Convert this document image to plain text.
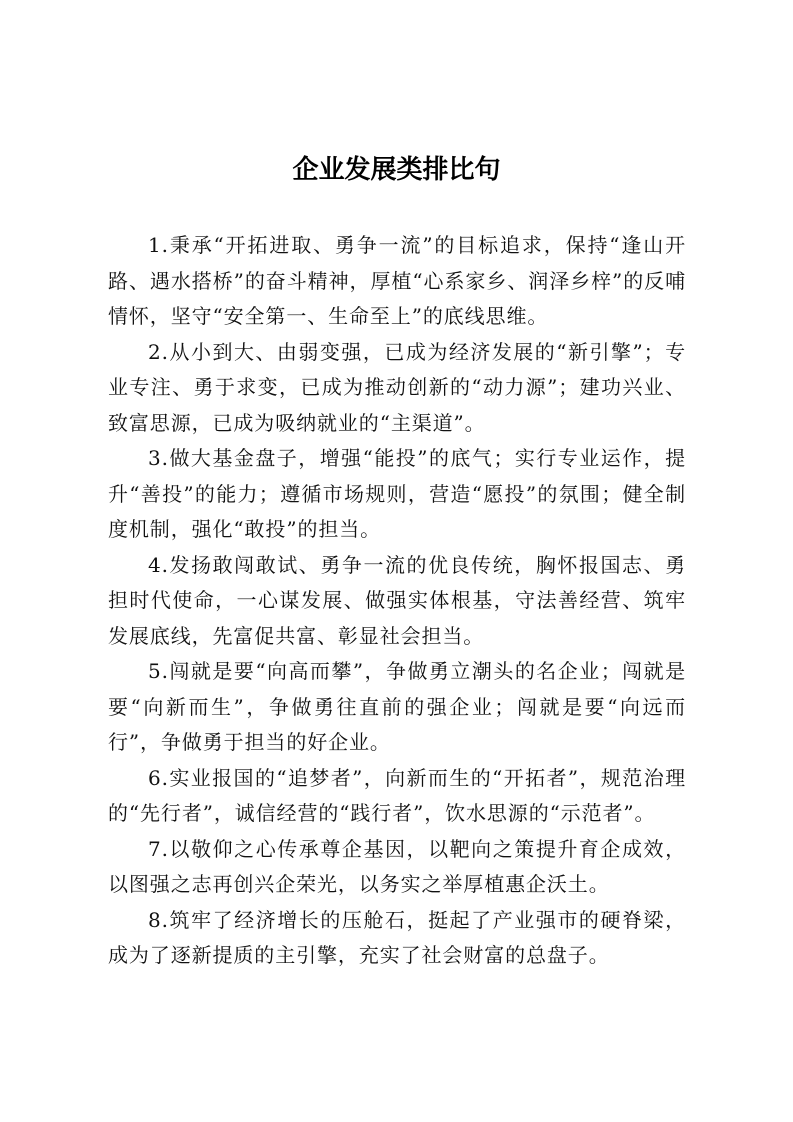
企业发展类排比句

1.秉承“开拓进取、勇争一流”的目标追求，保持“逢山开路、遇水搭桥”的奋斗精神，厚植“心系家乡、润泽乡梓”的反哺情怀，坚守“安全第一、生命至上”的底线思维。

2.从小到大、由弱变强，已成为经济发展的“新引擎”；专业专注、勇于求变，已成为推动创新的“动力源”；建功兴业、致富思源，已成为吸纳就业的“主渠道”。

3.做大基金盘子，增强“能投”的底气；实行专业运作，提升“善投”的能力；遵循市场规则，营造“愿投”的氛围；健全制度机制，强化“敢投”的担当。

4.发扬敢闯敢试、勇争一流的优良传统，胸怀报国志、勇担时代使命，一心谋发展、做强实体根基，守法善经营、筑牢发展底线，先富促共富、彰显社会担当。

5.闯就是要“向高而攀”，争做勇立潮头的名企业；闯就是要“向新而生”，争做勇往直前的强企业；闯就是要“向远而行”，争做勇于担当的好企业。

6.实业报国的“追梦者”，向新而生的“开拓者”，规范治理的“先行者”，诚信经营的“践行者”，饮水思源的“示范者”。

7.以敬仰之心传承尊企基因，以靶向之策提升育企成效，以图强之志再创兴企荣光，以务实之举厚植惠企沃土。

8.筑牢了经济增长的压舱石，挺起了产业强市的硬脊梁，成为了逐新提质的主引擎，充实了社会财富的总盘子。
